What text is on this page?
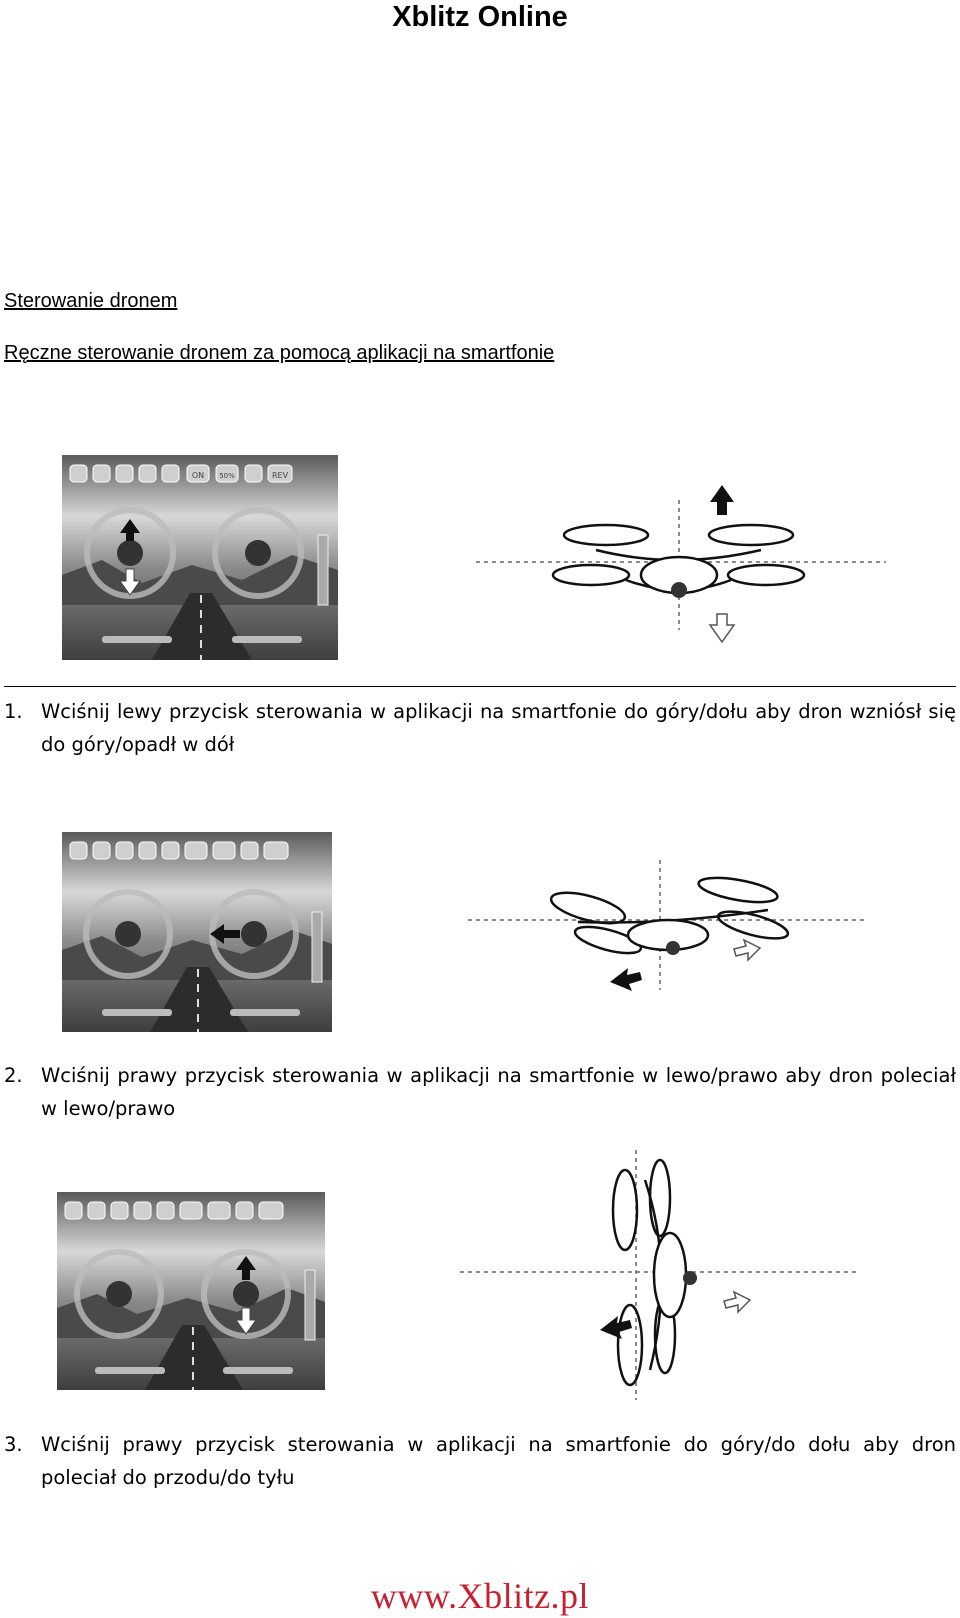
Xblitz Online
Sterowanie dronem
Ręczne sterowanie dronem za pomocą aplikacji na smartfonie
ON 50%	REV
1. Wciśnij lewy przycisk sterowania w aplikacji na smartfonie do góry/dołu aby dron wzniósł się do góry/opadł w dół
2. Wciśnij prawy przycisk sterowania w aplikacji na smartfonie w lewo/prawo aby dron poleciał w lewo/prawo
3. Wciśnij prawy przycisk sterowania w aplikacji na smartfonie do góry/do dołu aby dron poleciał do przodu/do tyłu
www.Xblitz.pl
